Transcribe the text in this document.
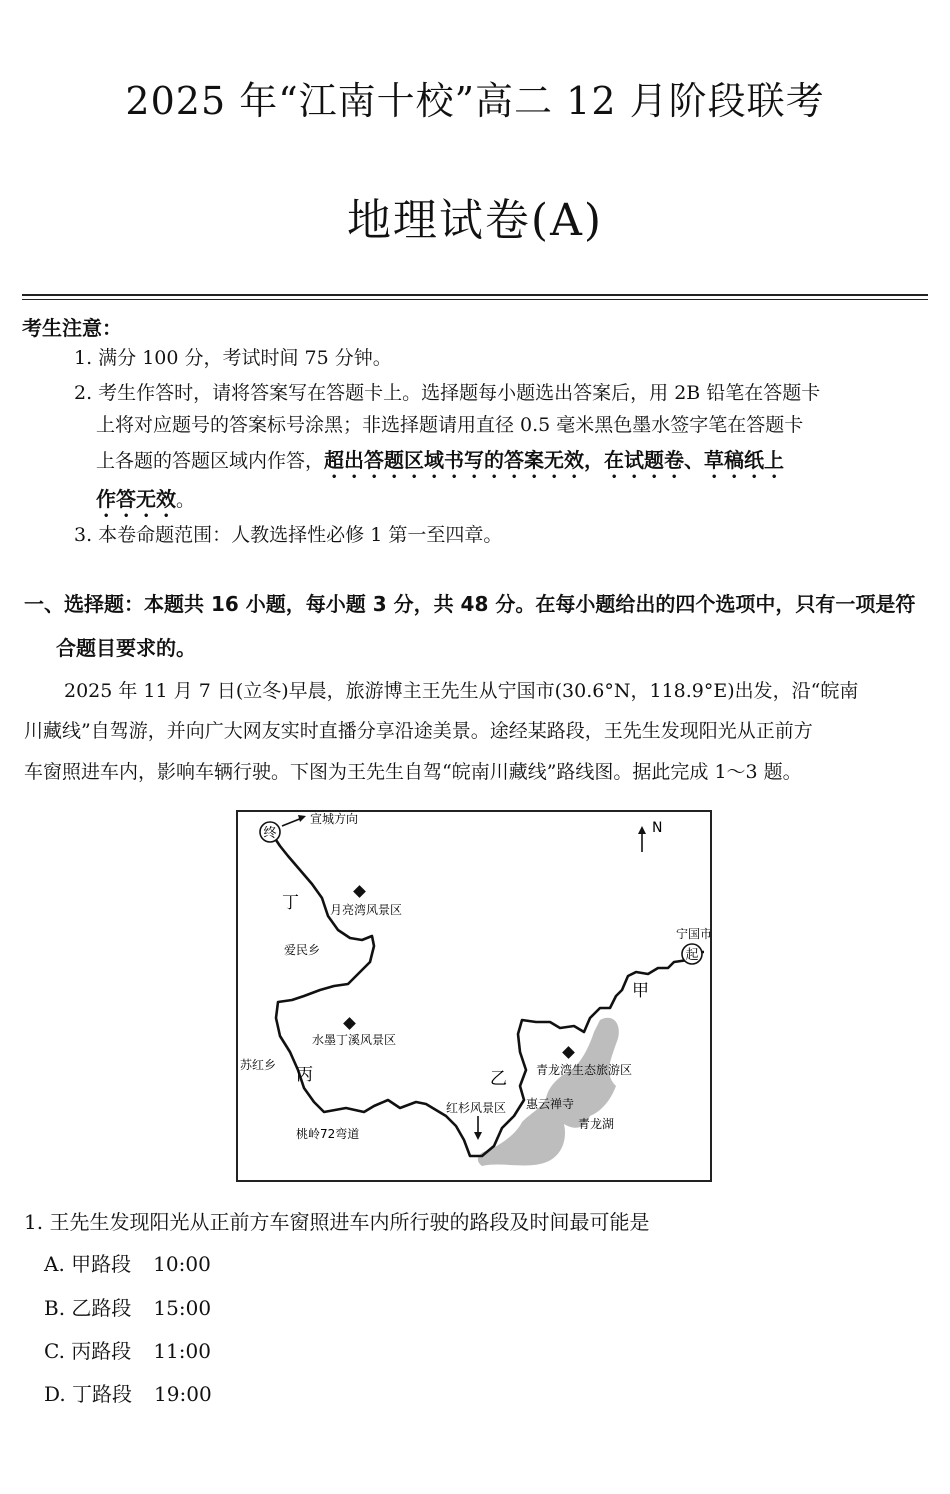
2025 年“江南十校”高二 12 月阶段联考
地理试卷(A)
考生注意：
1. 满分 100 分，考试时间 75 分钟。
2. 考生作答时，请将答案写在答题卡上。选择题每小题选出答案后，用 2B 铅笔在答题卡
上将对应题号的答案标号涂黑；非选择题请用直径 0.5 毫米黑色墨水签字笔在答题卡
上各题的答题区域内作答，超出答题区域书写的答案无效，在试题卷、草稿纸上
作答无效。
3. 本卷命题范围：人教选择性必修 1 第一至四章。
一、选择题：本题共 16 小题，每小题 3 分，共 48 分。在每小题给出的四个选项中，只有一项是符
合题目要求的。
2025 年 11 月 7 日(立冬)早晨，旅游博主王先生从宁国市(30.6°N，118.9°E)出发，沿“皖南
川藏线”自驾游，并向广大网友实时直播分享沿途美景。途经某路段，王先生发现阳光从正前方
车窗照进车内，影响车辆行驶。下图为王先生自驾“皖南川藏线”路线图。据此完成 1～3 题。
终
宣城方向
N
宁国市
起
月亮湾风景区
水墨丁溪风景区
青龙湾生态旅游区
红杉风景区 惠云禅寺
青龙湖
爱民乡
苏红乡
桃岭72弯道
甲
乙
丙
丁
1. 王先生发现阳光从正前方车窗照进车内所行驶的路段及时间最可能是
A. 甲路段 10:00
B. 乙路段 15:00
C. 丙路段 11:00
D. 丁路段 19:00
